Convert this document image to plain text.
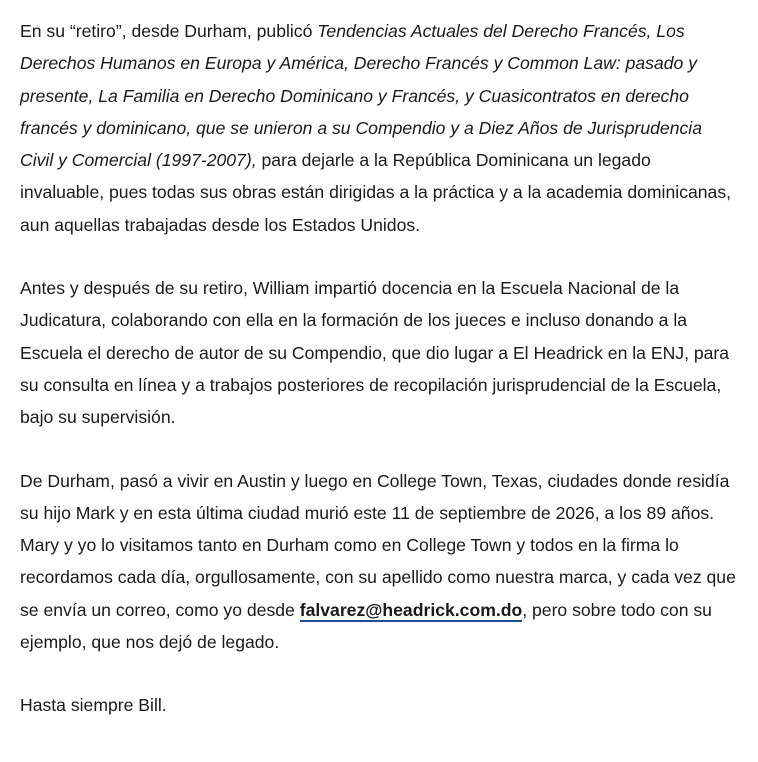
En su “retiro”, desde Durham, publicó Tendencias Actuales del Derecho Francés, Los Derechos Humanos en Europa y América, Derecho Francés y Common Law: pasado y presente, La Familia en Derecho Dominicano y Francés, y Cuasicontratos en derecho francés y dominicano, que se unieron a su Compendio y a Diez Años de Jurisprudencia Civil y Comercial (1997-2007), para dejarle a la República Dominicana un legado invaluable, pues todas sus obras están dirigidas a la práctica y a la academia dominicanas, aun aquellas trabajadas desde los Estados Unidos.

Antes y después de su retiro, William impartió docencia en la Escuela Nacional de la Judicatura, colaborando con ella en la formación de los jueces e incluso donando a la Escuela el derecho de autor de su Compendio, que dio lugar a El Headrick en la ENJ, para su consulta en línea y a trabajos posteriores de recopilación jurisprudencial de la Escuela, bajo su supervisión.

De Durham, pasó a vivir en Austin y luego en College Town, Texas, ciudades donde residía su hijo Mark y en esta última ciudad murió este 11 de septiembre de 2026, a los 89 años. Mary y yo lo visitamos tanto en Durham como en College Town y todos en la firma lo recordamos cada día, orgullosamente, con su apellido como nuestra marca, y cada vez que se envía un correo, como yo desde falvarez@headrick.com.do, pero sobre todo con su ejemplo, que nos dejó de legado.

Hasta siempre Bill.
